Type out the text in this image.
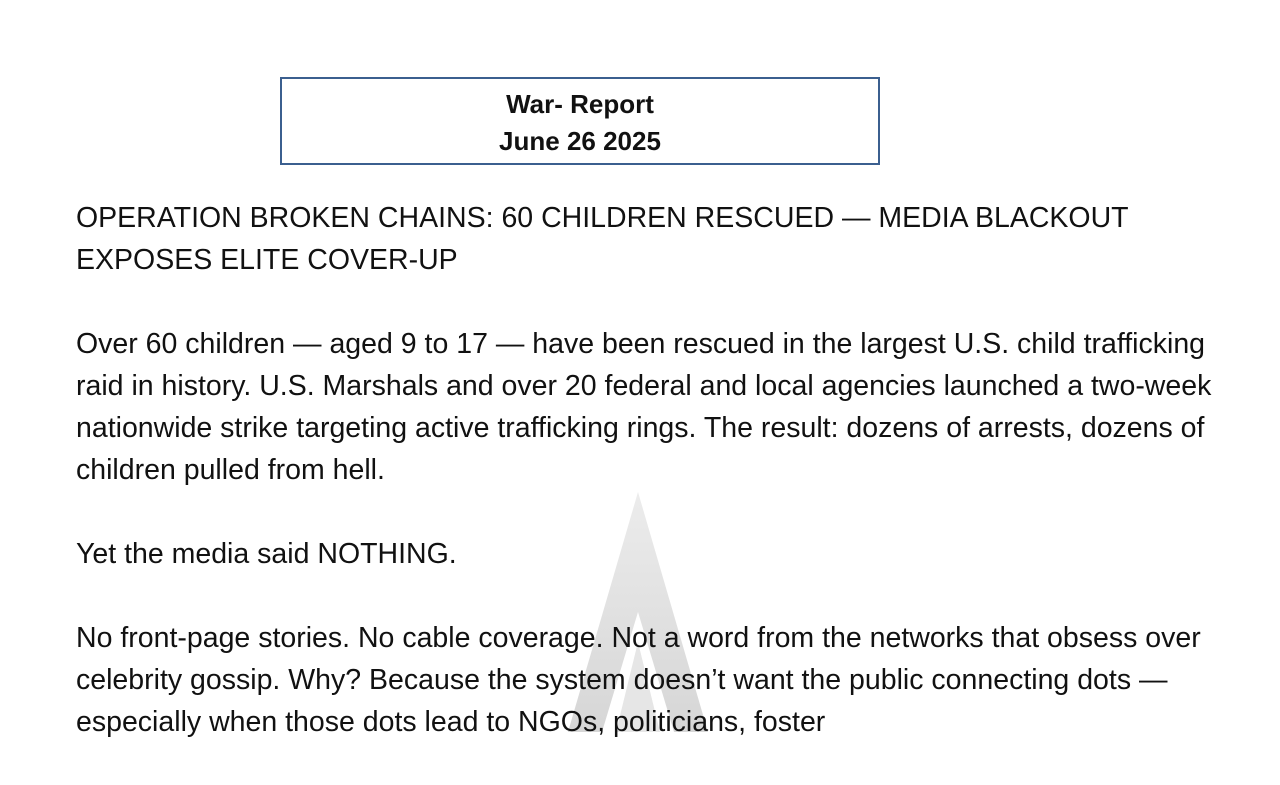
War- Report
June 26 2025

OPERATION BROKEN CHAINS: 60 CHILDREN RESCUED — MEDIA BLACKOUT EXPOSES ELITE COVER-UP

Over 60 children — aged 9 to 17 — have been rescued in the largest U.S. child trafficking raid in history. U.S. Marshals and over 20 federal and local agencies launched a two-week nationwide strike targeting active trafficking rings. The result: dozens of arrests, dozens of children pulled from hell.

Yet the media said NOTHING.

No front-page stories. No cable coverage. Not a word from the networks that obsess over celebrity gossip. Why? Because the system doesn’t want the public connecting dots — especially when those dots lead to NGOs, politicians, foster
